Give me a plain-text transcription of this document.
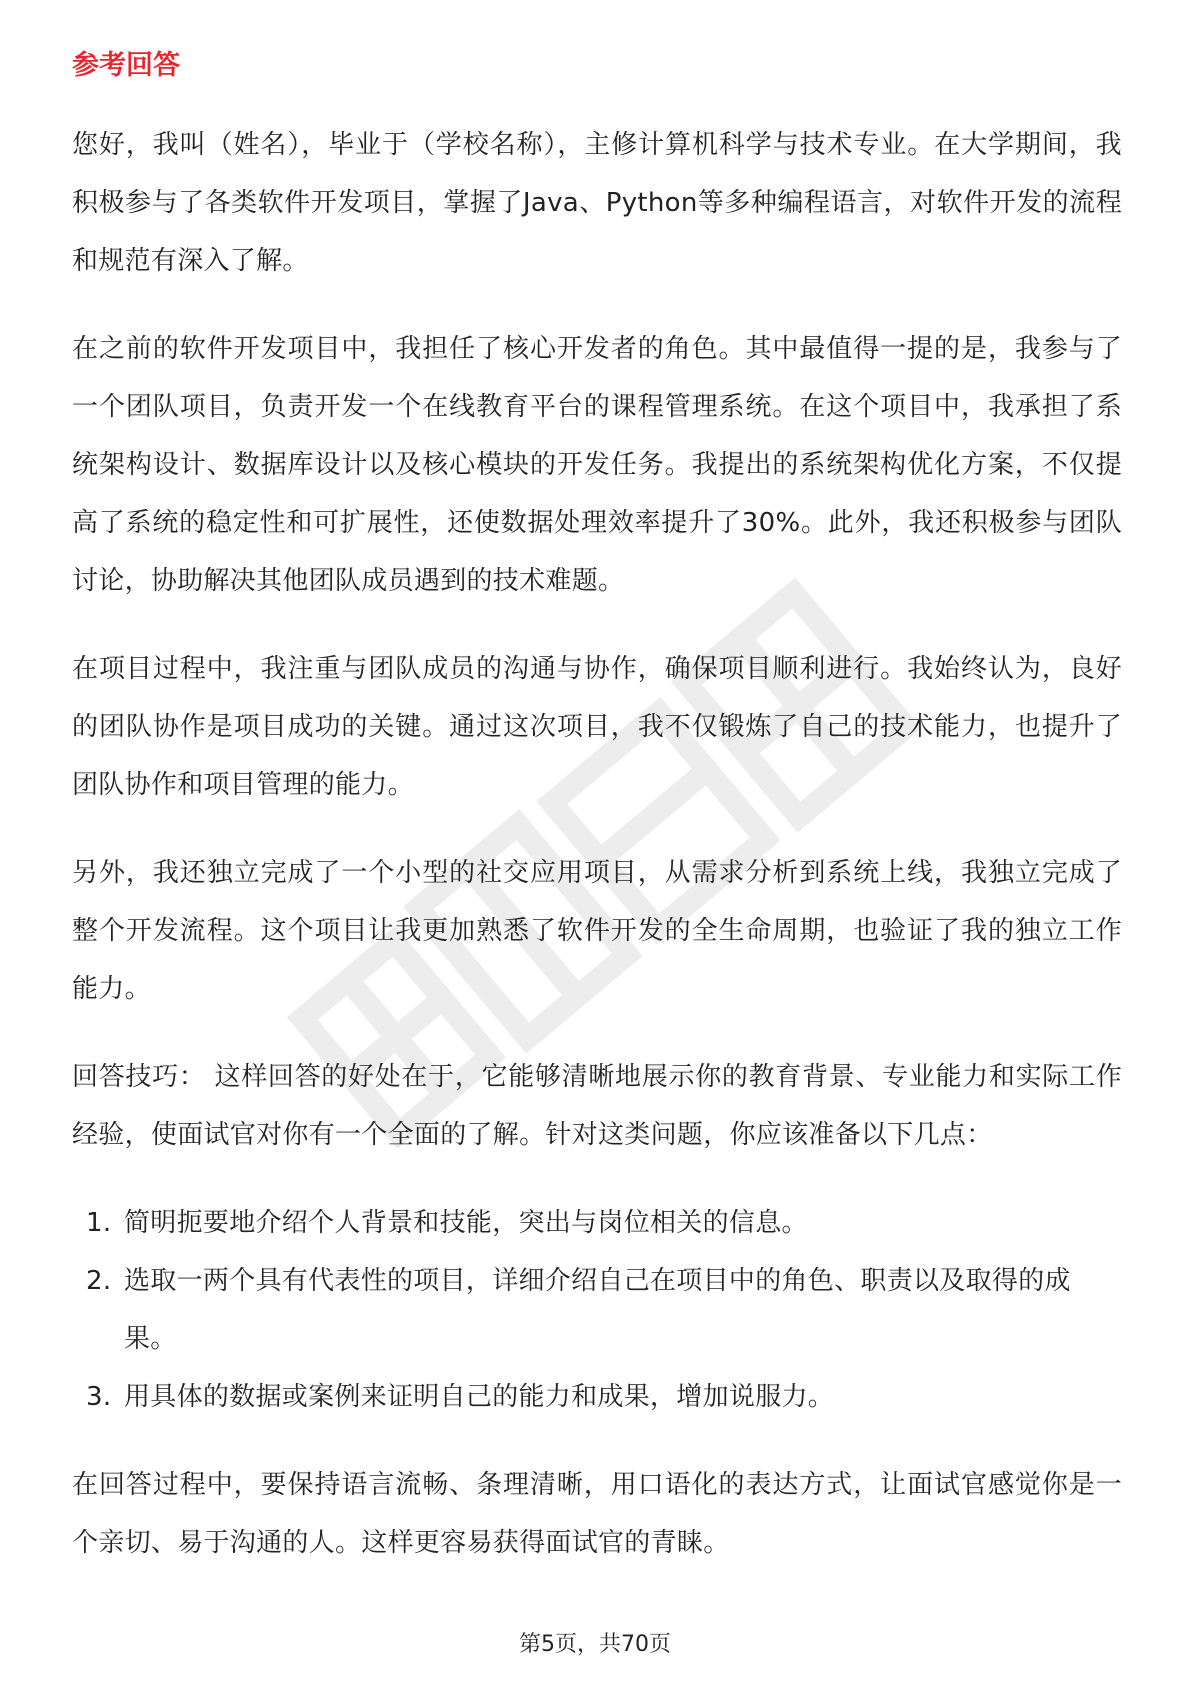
参考回答

您好，我叫（姓名），毕业于（学校名称），主修计算机科学与技术专业。在大学期间，我积极参与了各类软件开发项目，掌握了Java、Python等多种编程语言，对软件开发的流程和规范有深入了解。

在之前的软件开发项目中，我担任了核心开发者的角色。其中最值得一提的是，我参与了一个团队项目，负责开发一个在线教育平台的课程管理系统。在这个项目中，我承担了系统架构设计、数据库设计以及核心模块的开发任务。我提出的系统架构优化方案，不仅提高了系统的稳定性和可扩展性，还使数据处理效率提升了30%。此外，我还积极参与团队讨论，协助解决其他团队成员遇到的技术难题。

在项目过程中，我注重与团队成员的沟通与协作，确保项目顺利进行。我始终认为，良好的团队协作是项目成功的关键。通过这次项目，我不仅锻炼了自己的技术能力，也提升了团队协作和项目管理的能力。

另外，我还独立完成了一个小型的社交应用项目，从需求分析到系统上线，我独立完成了整个开发流程。这个项目让我更加熟悉了软件开发的全生命周期，也验证了我的独立工作能力。

回答技巧： 这样回答的好处在于，它能够清晰地展示你的教育背景、专业能力和实际工作经验，使面试官对你有一个全面的了解。针对这类问题，你应该准备以下几点：

1. 简明扼要地介绍个人背景和技能，突出与岗位相关的信息。
2. 选取一两个具有代表性的项目，详细介绍自己在项目中的角色、职责以及取得的成果。
3. 用具体的数据或案例来证明自己的能力和成果，增加说服力。

在回答过程中，要保持语言流畅、条理清晰，用口语化的表达方式，让面试官感觉你是一个亲切、易于沟通的人。这样更容易获得面试官的青睐。

第5页，共70页
